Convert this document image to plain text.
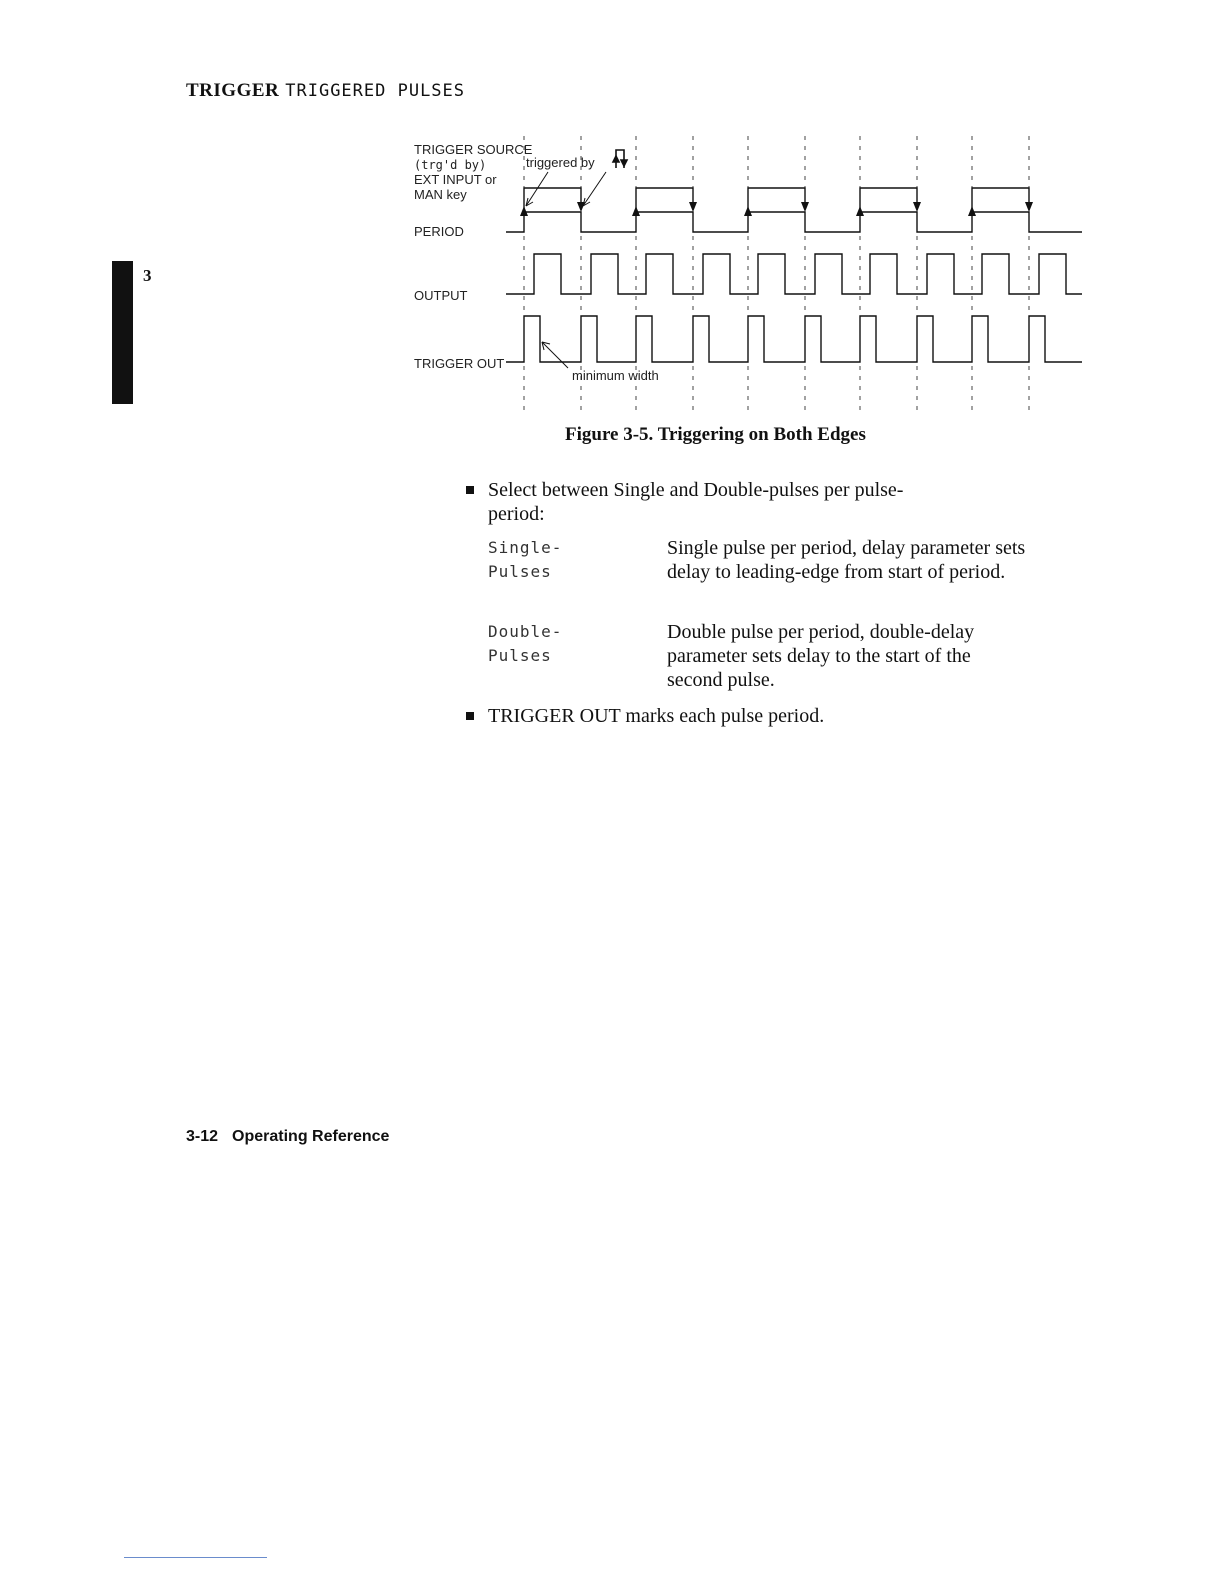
TRIGGER TRIGGERED PULSES
3
TRIGGER SOURCE
(trg'd by)
EXT INPUT or
MAN key
triggered by
PERIOD
OUTPUT
TRIGGER OUT
minimum width
Figure 3-5. Triggering on Both Edges
Select between Single and Double-pulses per pulse-period:
Single-Pulses
Single pulse per period, delay parameter sets delay to leading-edge from start of period.
Double-Pulses
Double pulse per period, double-delay parameter sets delay to the start of the second pulse.
TRIGGER OUT marks each pulse period.
3-12 Operating Reference
